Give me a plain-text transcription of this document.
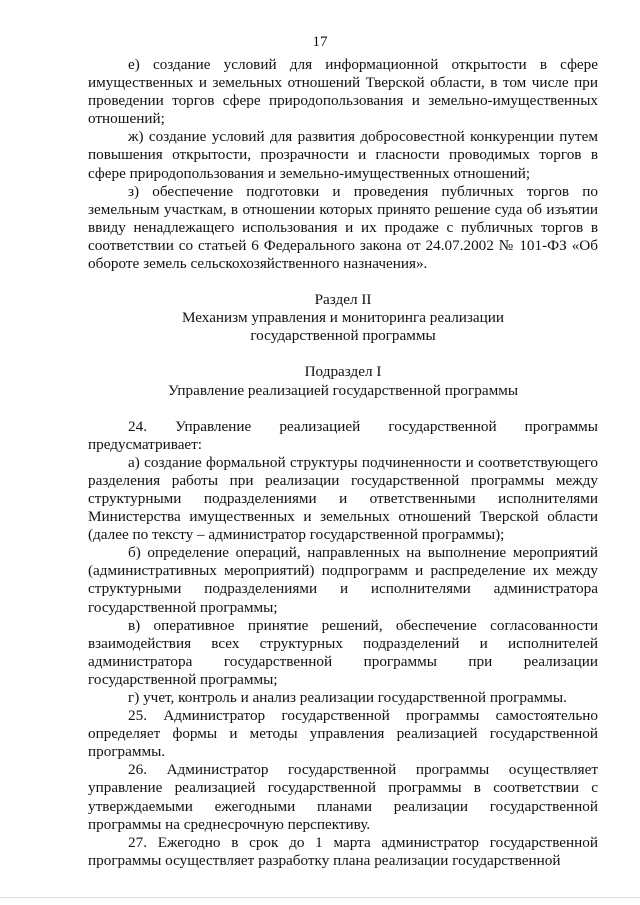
17

е) создание условий для информационной открытости в сфере имущественных и земельных отношений Тверской области, в том числе при проведении торгов сфере природопользования и земельно-имущественных отношений;

ж) создание условий для развития добросовестной конкуренции путем повышения открытости, прозрачности и гласности проводимых торгов в сфере природопользования и земельно-имущественных отношений;

з) обеспечение подготовки и проведения публичных торгов по земельным участкам, в отношении которых принято решение суда об изъятии ввиду ненадлежащего использования и их продаже с публичных торгов в соответствии со статьей 6 Федерального закона от 24.07.2002 № 101-ФЗ «Об обороте земель сельскохозяйственного назначения».

Раздел II

Механизм управления и мониторинга реализации

государственной программы

Подраздел I

Управление реализацией государственной программы

24. Управление реализацией государственной программы предусматривает:

а) создание формальной структуры подчиненности и соответствующего разделения работы при реализации государственной программы между структурными подразделениями и ответственными исполнителями Министерства имущественных и земельных отношений Тверской области (далее по тексту – администратор государственной программы);

б) определение операций, направленных на выполнение мероприятий (административных мероприятий) подпрограмм и распределение их между структурными подразделениями и исполнителями администратора государственной программы;

в) оперативное принятие решений, обеспечение согласованности взаимодействия всех структурных подразделений и исполнителей администратора государственной программы при реализации государственной программы;

г) учет, контроль и анализ реализации государственной программы.

25. Администратор государственной программы самостоятельно определяет формы и методы управления реализацией государственной программы.

26. Администратор государственной программы осуществляет управление реализацией государственной программы в соответствии с утверждаемыми ежегодными планами реализации государственной программы на среднесрочную перспективу.

27. Ежегодно в срок до 1 марта администратор государственной программы осуществляет разработку плана реализации государственной
